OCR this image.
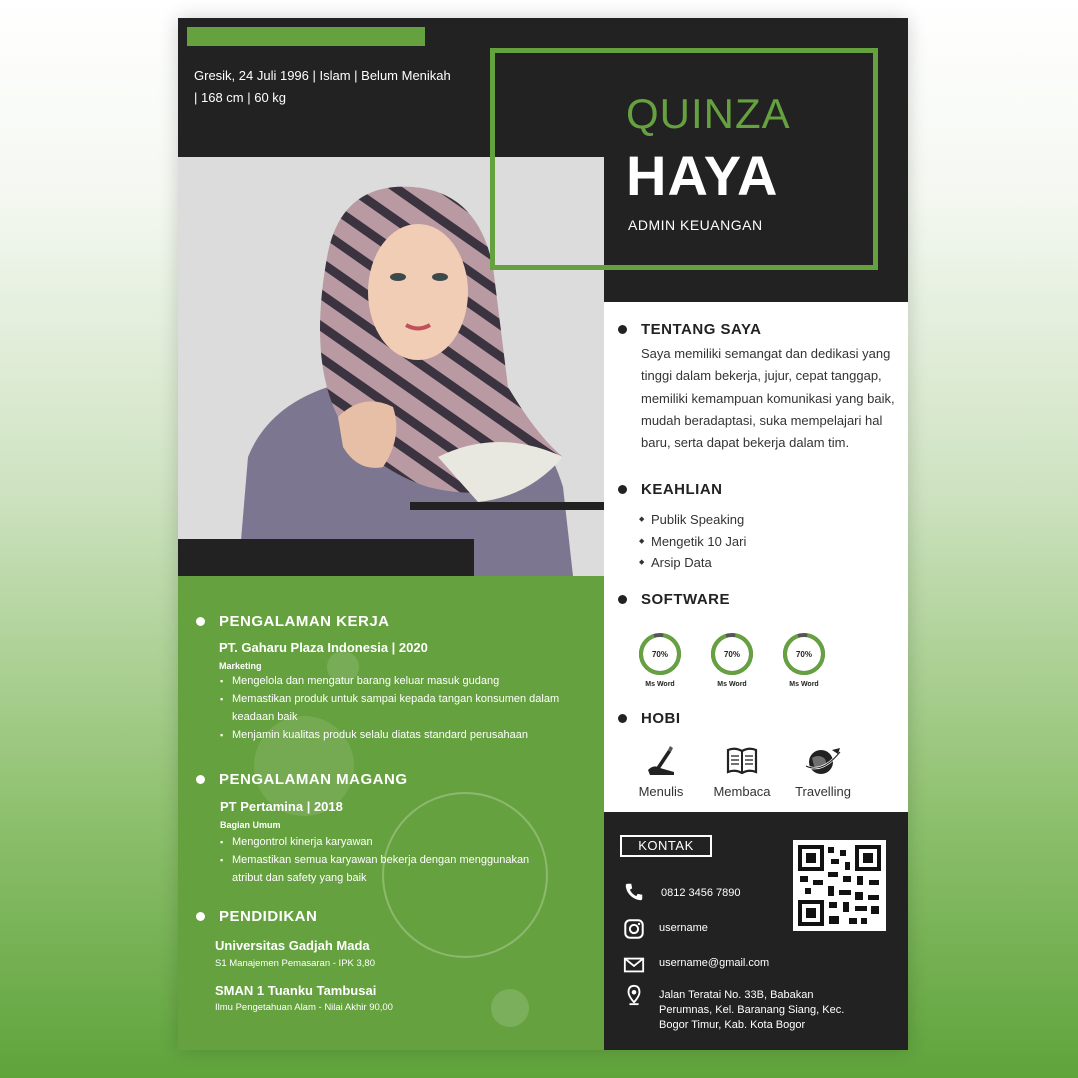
Gresik, 24 Juli 1996 | Islam | Belum Menikah
| 168 cm | 60 kg	QUINZA
HAYA
ADMIN KEUANGAN
TENTANG SAYA
Saya memiliki semangat dan dedikasi yang
tinggi dalam bekerja, jujur, cepat tanggap,
memiliki kemampuan komunikasi yang baik,
mudah beradaptasi, suka mempelajari hal
baru, serta dapat bekerja dalam tim.
KEAHLIAN
◆ Publik Speaking
◆ Mengetik 10 Jari
◆ Arsip Data
SOFTWARE
70%
Ms Word
70%
Ms Word
70%
Ms Word
HOBI
Menulis	Membaca	Travelling
KONTAK
0812 3456 7890
username
username@gmail.com
Jalan Teratai No. 33B, Babakan
Perumnas, Kel. Baranang Siang, Kec.
Bogor Timur, Kab. Kota Bogor
PENGALAMAN KERJA
PT. Gaharu Plaza Indonesia | 2020
Marketing
▪ Mengelola dan mengatur barang keluar masuk gudang
▪ Memastikan produk untuk sampai kepada tangan konsumen dalam keadaan baik
▪ Menjamin kualitas produk selalu diatas standard perusahaan
PENGALAMAN MAGANG
PT Pertamina | 2018
Bagian Umum
▪ Mengontrol kinerja karyawan
▪ Memastikan semua karyawan bekerja dengan menggunakan atribut dan safety yang baik
PENDIDIKAN
Universitas Gadjah Mada
S1 Manajemen Pemasaran - IPK 3,80
SMAN 1 Tuanku Tambusai
Ilmu Pengetahuan Alam - Nilai Akhir 90,00
